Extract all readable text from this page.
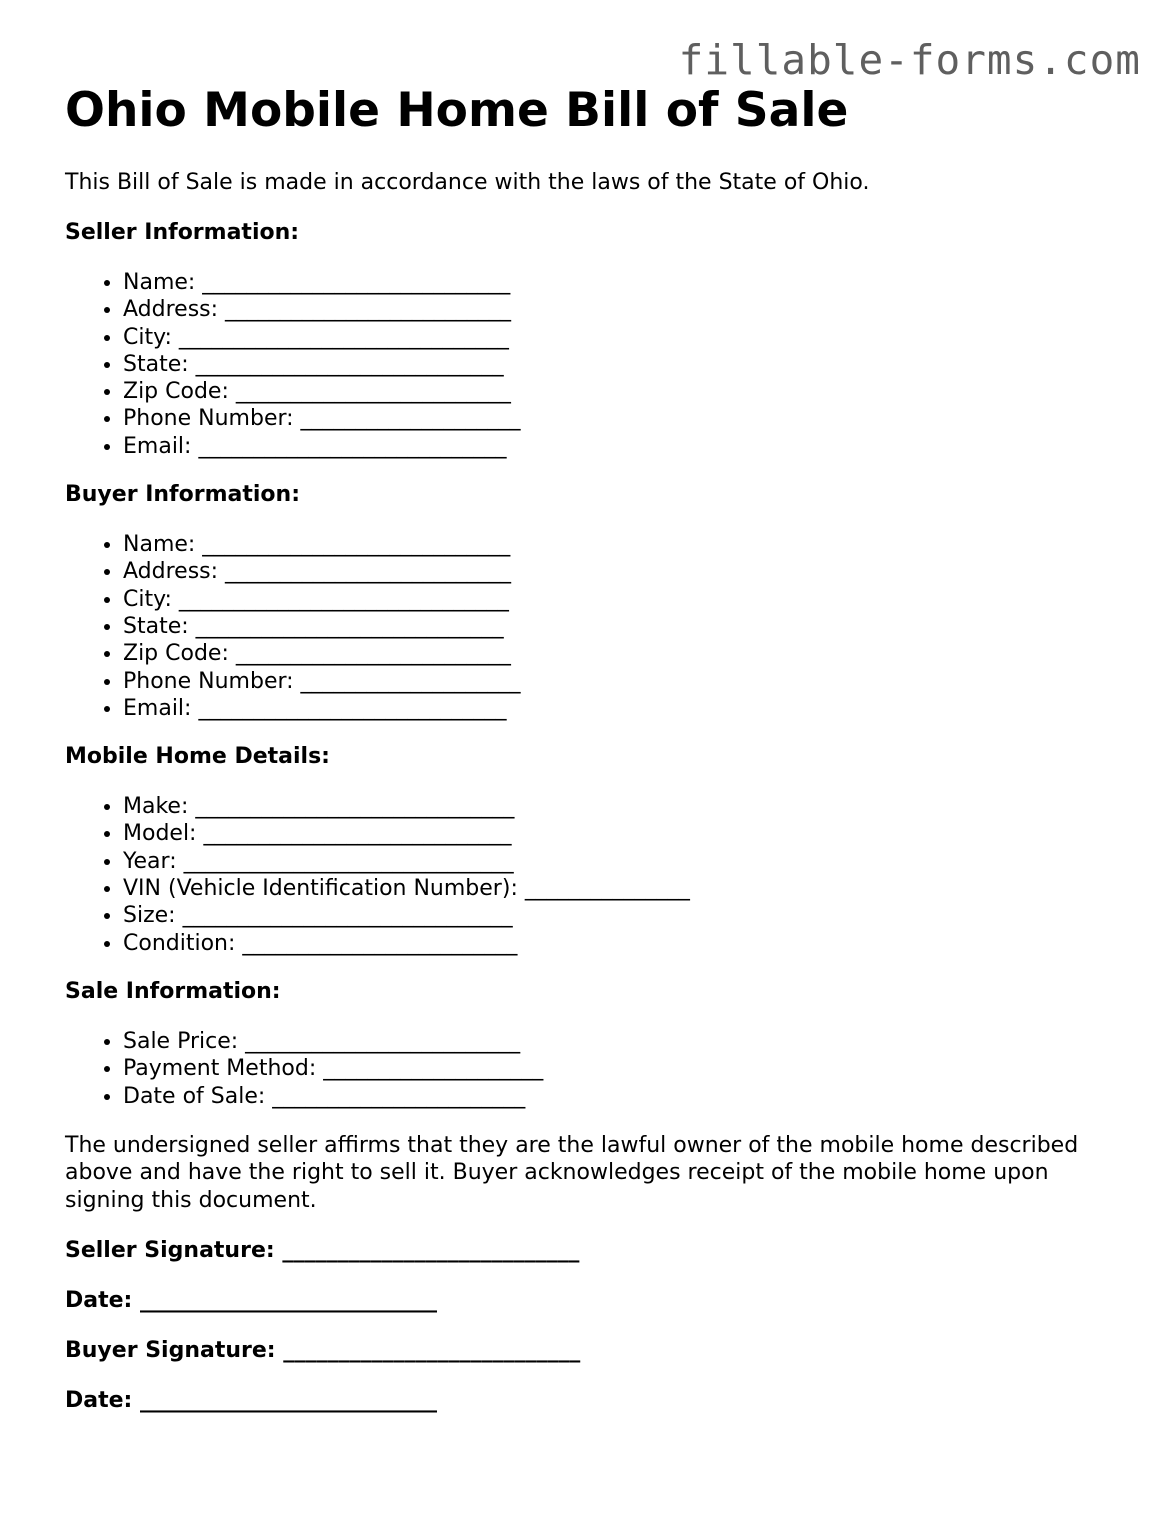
fillable-forms.com
Ohio Mobile Home Bill of Sale

This Bill of Sale is made in accordance with the laws of the State of Ohio.

Seller Information:

• Name: ____________________________
• Address: __________________________
• City: ______________________________
• State: ____________________________
• Zip Code: _________________________
• Phone Number: ____________________
• Email: ____________________________

Buyer Information:

• Name: ____________________________
• Address: __________________________
• City: ______________________________
• State: ____________________________
• Zip Code: _________________________
• Phone Number: ____________________
• Email: ____________________________

Mobile Home Details:

• Make: _____________________________
• Model: ____________________________
• Year: ______________________________
• VIN (Vehicle Identification Number): _______________
• Size: ______________________________
• Condition: _________________________

Sale Information:

• Sale Price: _________________________
• Payment Method: ____________________
• Date of Sale: _______________________

The undersigned seller affirms that they are the lawful owner of the mobile home described above and have the right to sell it. Buyer acknowledges receipt of the mobile home upon signing this document.

Seller Signature: ___________________________

Date: ___________________________

Buyer Signature: ___________________________

Date: ___________________________
